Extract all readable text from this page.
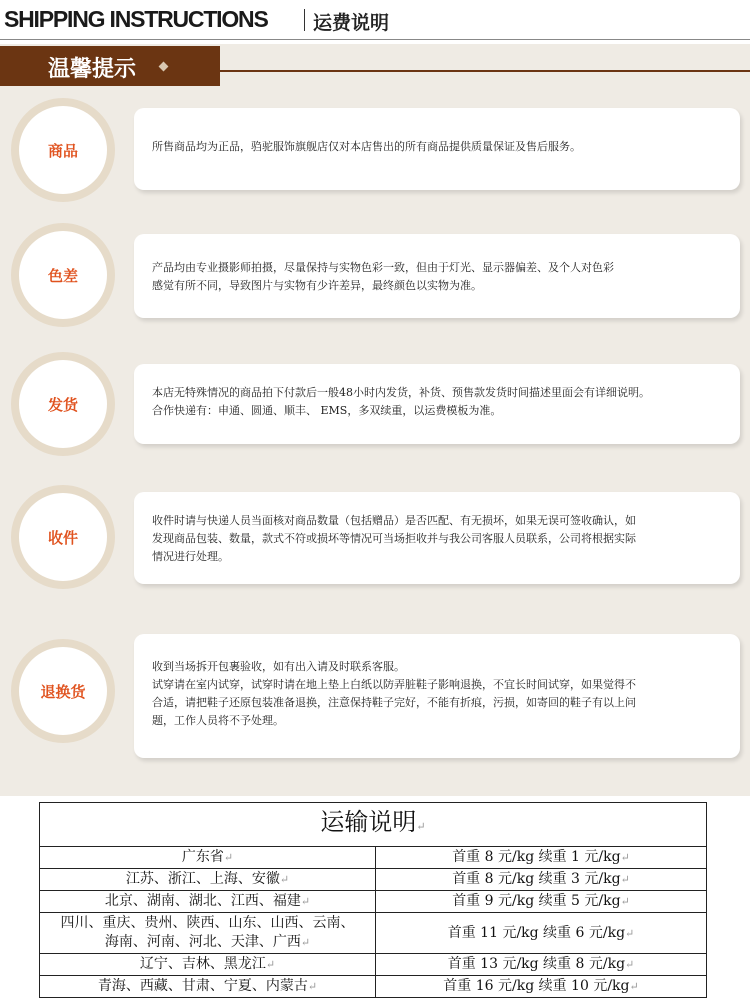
SHIPPING INSTRUCTIONS 运费说明
温馨提示
商品	所售商品均为正品，驺驼服饰旗舰店仅对本店售出的所有商品提供质量保证及售后服务。

色差	产品均由专业摄影师拍摄，尽量保持与实物色彩一致，但由于灯光、显示器偏差、及个人对色彩

感觉有所不同，导致图片与实物有少许差异，最终颜色以实物为准。

发货

本店无特殊情况的商品拍下付款后一般48小时内发货，补货、预售款发货时间描述里面会有详细说明。

合作快递有：申通、圆通、顺丰、 EMS，多双续重，以运费模板为准。

收件

收件时请与快递人员当面核对商品数量（包括赠品）是否匹配、有无损坏，如果无误可签收确认，如

发现商品包装、数量，款式不符或损坏等情况可当场拒收并与我公司客服人员联系，公司将根据实际

情况进行处理。

退换货

收到当场拆开包裹验收，如有出入请及时联系客服。

试穿请在室内试穿，试穿时请在地上垫上白纸以防弄脏鞋子影响退换，不宜长时间试穿，如果觉得不

合适，请把鞋子还原包装准备退换，注意保持鞋子完好，不能有折痕，污损，如寄回的鞋子有以上问

题，工作人员将不予处理。

运输说明↵	
广东省↵	首重 8 元/kg 续重 1 元/kg↵
江苏、浙江、上海、安徽↵	首重 8 元/kg 续重 3 元/kg↵
北京、湖南、湖北、江西、福建↵	首重 9 元/kg 续重 5 元/kg↵
四川、重庆、贵州、陕西、山东、山西、云南、
海南、河南、河北、天津、广西↵	首重 11 元/kg 续重 6 元/kg↵
辽宁、吉林、黑龙江↵	首重 13 元/kg 续重 8 元/kg↵
青海、西藏、甘肃、宁夏、内蒙古↵	首重 16 元/kg 续重 10 元/kg↵
